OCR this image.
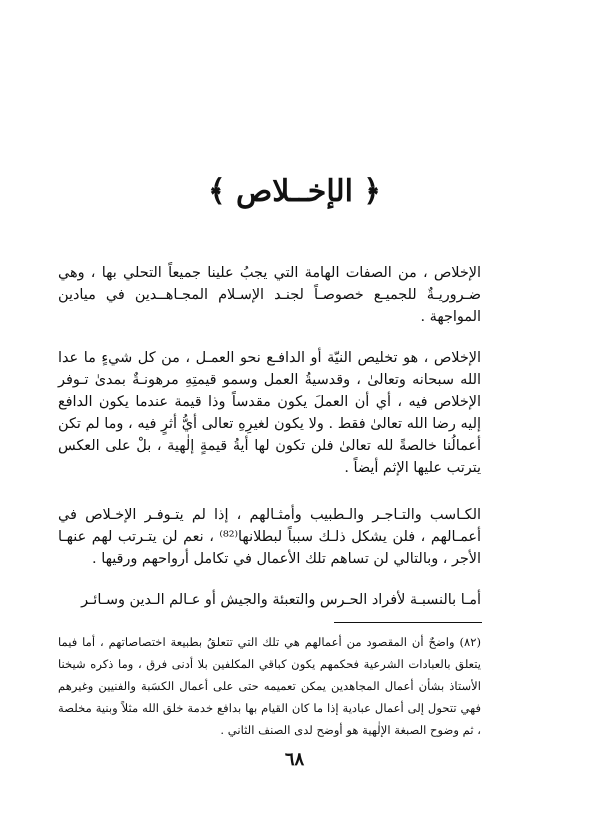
﴿ الإخــلاص ﴾

الإخلاص ، من الصفات الهامة التي يجبُ علينا جميعاً التحلي بها ، وهي ضـروريـةٌ للجميـع خصوصـاً لجنـد الإسـلام المجـاهــدين في ميادين المواجهة .

الإخلاص ، هو تخليص النيّة أو الدافـع نحو العمـل ، من كل شيءٍ ما عدا الله سبحانه وتعالىٰ ، وقدسيةُ العمل وسمو قيمتِهِ مرهونـةٌ بمدىٰ تـوفر الإخلاص فيه ، أي أن العملَ يكون مقدساً وذا قيمة عندما يكون الدافع إليه رضا الله تعالىٰ فقط . ولا يكون لغيرِهِ تعالى أيُّ أثرٍ فيه ، وما لم تكن أعمالُنا خالصةً لله تعالىٰ فلن تكون لها أيةُ قيمةٍ إلٰهية ، بلْ على العكس يترتب عليها الإثم أيضاً .

الكـاسب والتـاجـر والـطبيب وأمثـالهم ، إذا لم يتـوفـر الإخـلاص في أعمـالهم ، فلن يشكل ذلـك سبباً لبطلانها⁽⁸²⁾ ، نعم لن يتـرتب لهم عنهـا الأجر ، وبالتالي لن تساهم تلك الأعمال في تكامل أرواحهم ورقيها .

أمـا بالنسبـة لأفراد الحـرس والتعبئة والجيش أو عـالم الـدين وسـائـر

(٨٢) واضحٌ أن المقصود من أعمالهم هي تلك التي تتعلقُ بطبيعة اختصاصاتهم ، أما فيما يتعلق بالعبادات الشرعية فحكمهم يكون كباقي المكلفين بلا أدنى فرق ، وما ذكره شيخنا الأستاذ بشأن أعمال المجاهدين يمكن تعميمه حتى على أعمال الكسَبة والفنيين وغيرهم فهي تتحول إلى أعمال عبادية إذا ما كان القيام بها بدافع خدمة خلق الله مثلاً وبنية مخلصة ، ثم وضوح الصبغة الإلٰهية هو أوضح لدى الصنف الثاني .
٦٨
